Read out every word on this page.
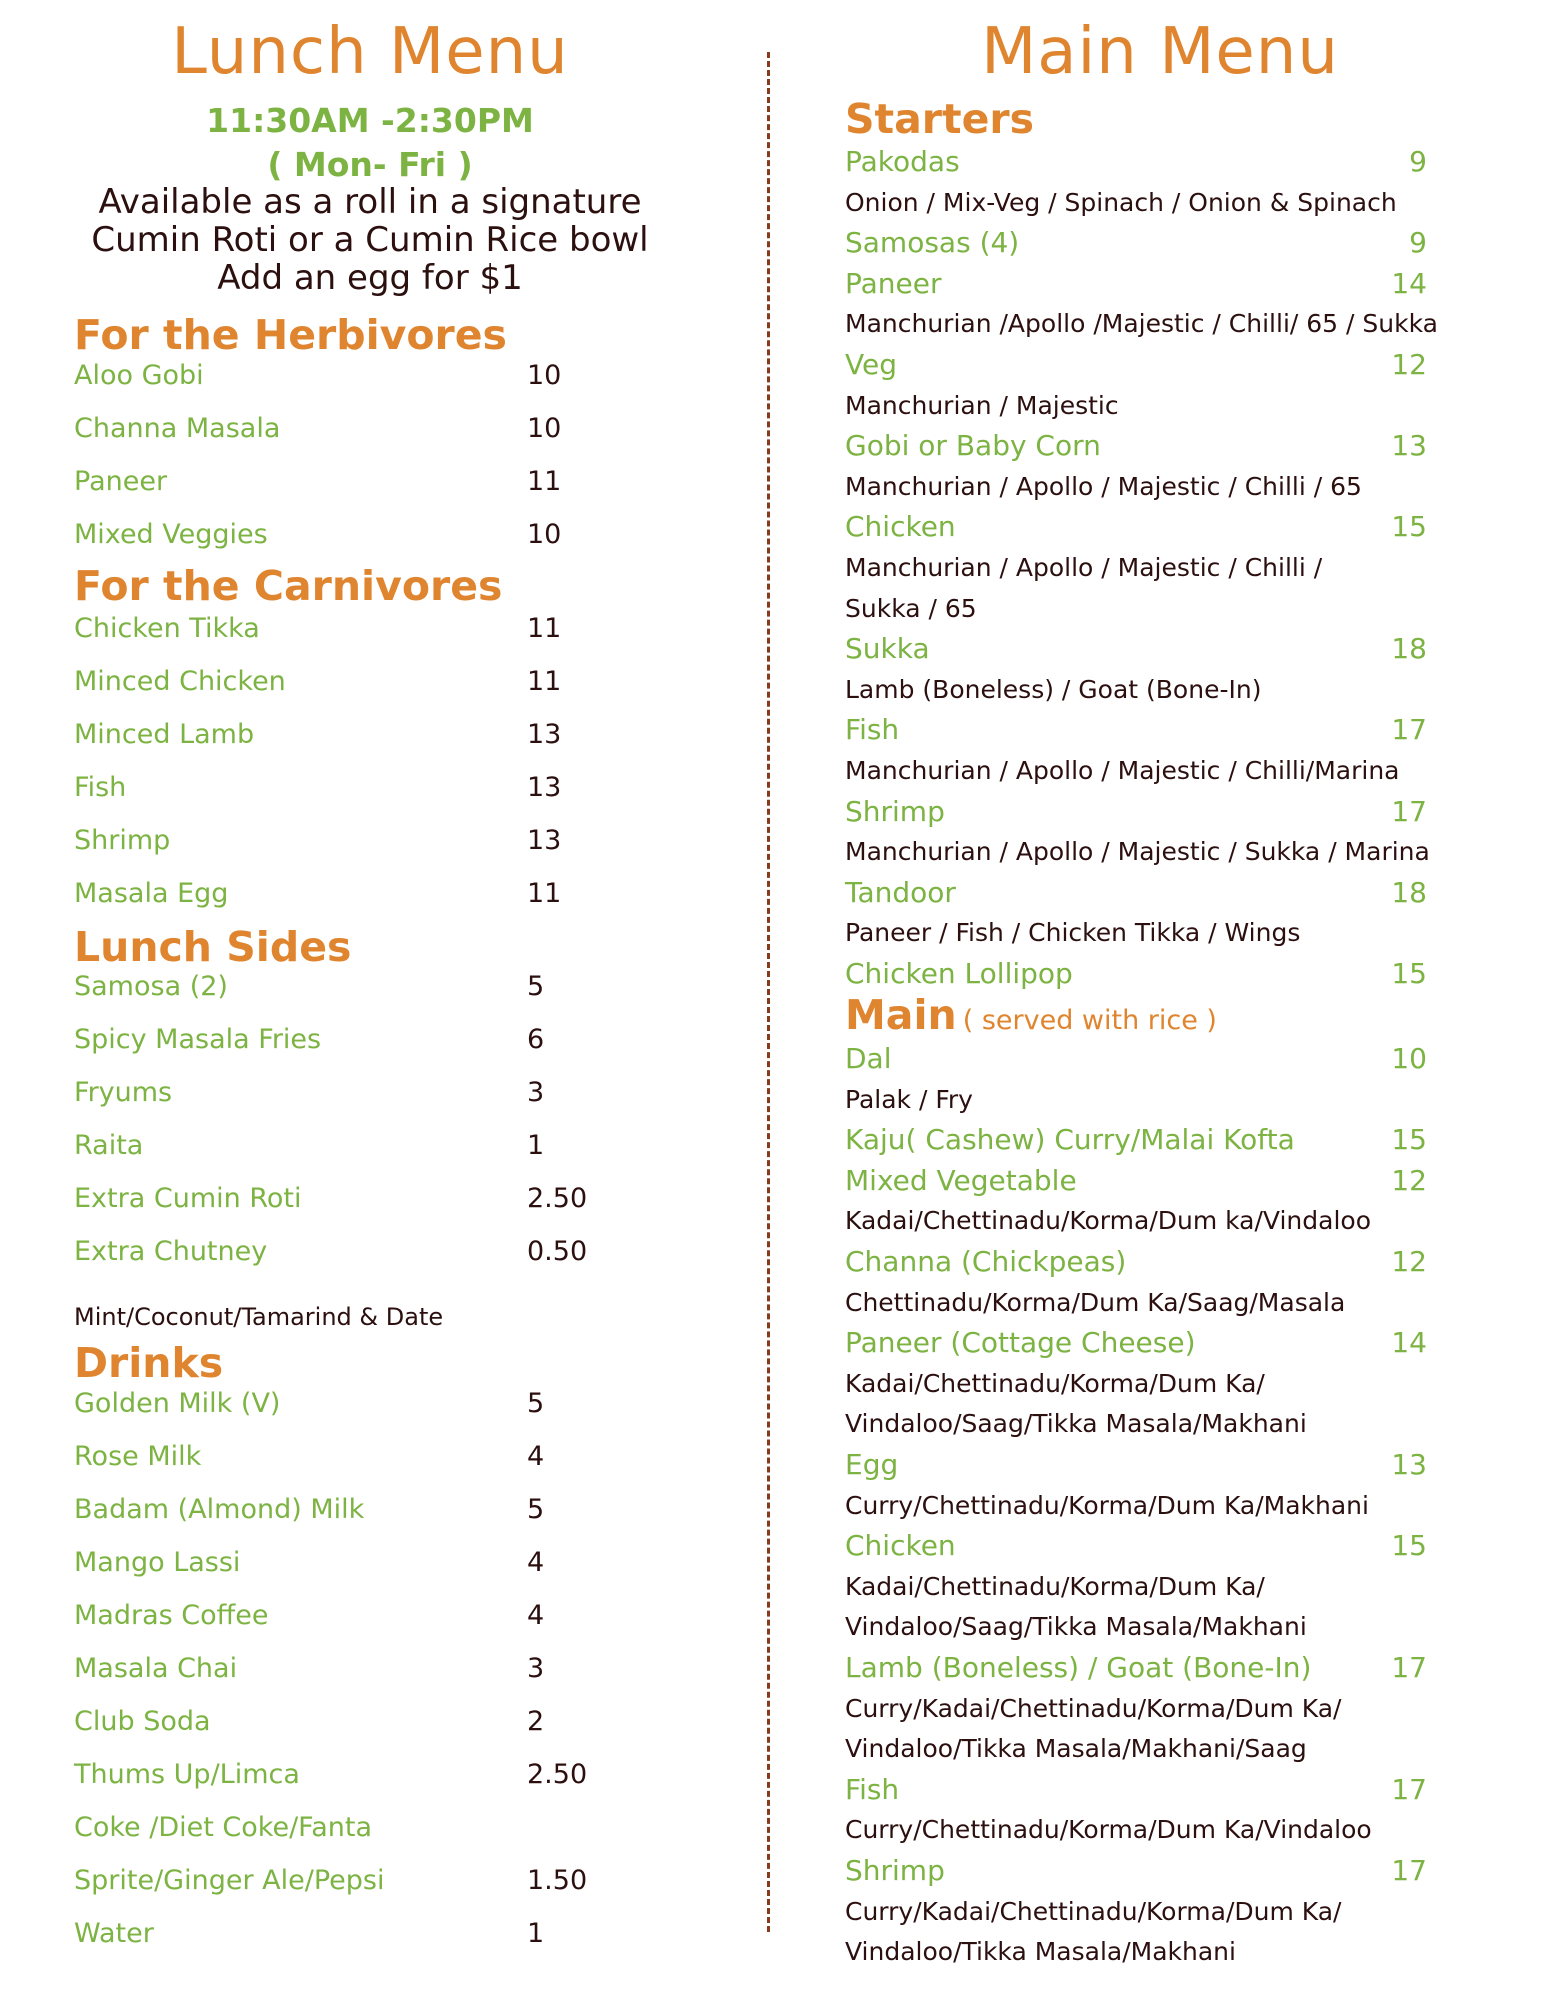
Lunch Menu
11:30AM -2:30PM
( Mon- Fri )
Available as a roll in a signature
Cumin Roti or a Cumin Rice bowl
Add an egg for $1
For the Herbivores
For the Carnivores
Lunch Sides
Mint/Coconut/Tamarind & Date
Drinks
Aloo Gobi	10
Channa Masala	10
Paneer	11
Mixed Veggies	10
Chicken Tikka	11
Minced Chicken	11
Minced Lamb	13
Fish	13
Shrimp	13
Masala Egg	11
Samosa (2)	5
Spicy Masala Fries	6
Fryums	3
Raita	1
Extra Cumin Roti	2.50
Extra Chutney	0.50
Golden Milk (V)	5
Rose Milk	4
Badam (Almond) Milk	5
Mango Lassi	4
Madras Coffee	4
Masala Chai	3
Club Soda	2
Thums Up/Limca	2.50
Coke /Diet Coke/Fanta
Sprite/Ginger Ale/Pepsi	1.50
Water	1
Main Menu
Starters
Main ( served with rice )
Pakodas	9
Onion / Mix-Veg / Spinach / Onion & Spinach
Samosas (4)	9
Paneer	14
Manchurian /Apollo /Majestic / Chilli/ 65 / Sukka
Veg	12
Manchurian / Majestic
Gobi or Baby Corn	13
Manchurian / Apollo / Majestic / Chilli / 65
Chicken	15
Manchurian / Apollo / Majestic / Chilli /
Sukka / 65
Sukka	18
Lamb (Boneless) / Goat (Bone-In)
Fish	17
Manchurian / Apollo / Majestic / Chilli/Marina
Shrimp	17
Manchurian / Apollo / Majestic / Sukka / Marina
Tandoor	18
Paneer / Fish / Chicken Tikka / Wings
Chicken Lollipop	15
Dal	10
Palak / Fry
Kaju( Cashew) Curry/Malai Kofta	15
Mixed Vegetable	12
Kadai/Chettinadu/Korma/Dum ka/Vindaloo
Channa (Chickpeas)	12
Chettinadu/Korma/Dum Ka/Saag/Masala
Paneer (Cottage Cheese)	14
Kadai/Chettinadu/Korma/Dum Ka/
Vindaloo/Saag/Tikka Masala/Makhani
Egg	13
Curry/Chettinadu/Korma/Dum Ka/Makhani
Chicken	15
Kadai/Chettinadu/Korma/Dum Ka/
Vindaloo/Saag/Tikka Masala/Makhani
Lamb (Boneless) / Goat (Bone-In)	17
Curry/Kadai/Chettinadu/Korma/Dum Ka/
Vindaloo/Tikka Masala/Makhani/Saag
Fish	17
Curry/Chettinadu/Korma/Dum Ka/Vindaloo
Shrimp	17
Curry/Kadai/Chettinadu/Korma/Dum Ka/
Vindaloo/Tikka Masala/Makhani
